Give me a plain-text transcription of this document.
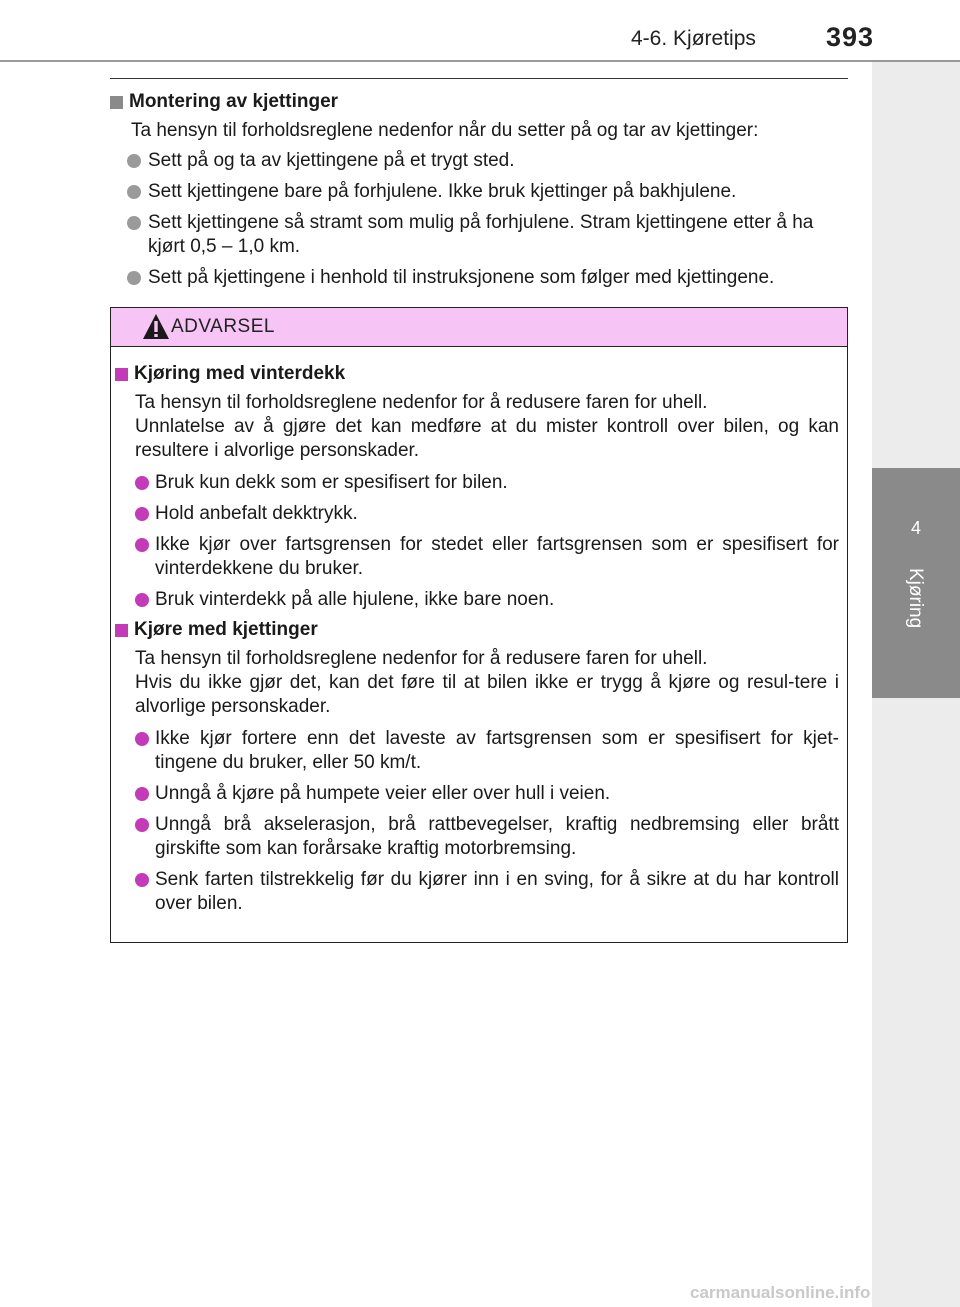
4-6. Kjøretips	393
4
Kjøring
Montering av kjettinger
Ta hensyn til forholdsreglene nedenfor når du setter på og tar av kjettinger:
Sett på og ta av kjettingene på et trygt sted.
Sett kjettingene bare på forhjulene. Ikke bruk kjettinger på bakhjulene.
Sett kjettingene så stramt som mulig på forhjulene. Stram kjettingene etter å ha kjørt 0,5 – 1,0 km.
Sett på kjettingene i henhold til instruksjonene som følger med kjettingene.
ADVARSEL
Kjøring med vinterdekk
Ta hensyn til forholdsreglene nedenfor for å redusere faren for uhell.
Unnlatelse av å gjøre det kan medføre at du mister kontroll over bilen, og kan resultere i alvorlige personskader.
Bruk kun dekk som er spesifisert for bilen.
Hold anbefalt dekktrykk.
Ikke kjør over fartsgrensen for stedet eller fartsgrensen som er spesifisert for vinterdekkene du bruker.
Bruk vinterdekk på alle hjulene, ikke bare noen.
Kjøre med kjettinger
Ta hensyn til forholdsreglene nedenfor for å redusere faren for uhell.
Hvis du ikke gjør det, kan det føre til at bilen ikke er trygg å kjøre og resul-tere i alvorlige personskader.
Ikke kjør fortere enn det laveste av fartsgrensen som er spesifisert for kjet-tingene du bruker, eller 50 km/t.
Unngå å kjøre på humpete veier eller over hull i veien.
Unngå brå akselerasjon, brå rattbevegelser, kraftig nedbremsing eller brått girskifte som kan forårsake kraftig motorbremsing.
Senk farten tilstrekkelig før du kjører inn i en sving, for å sikre at du har kontroll over bilen.
carmanualsonline.info
